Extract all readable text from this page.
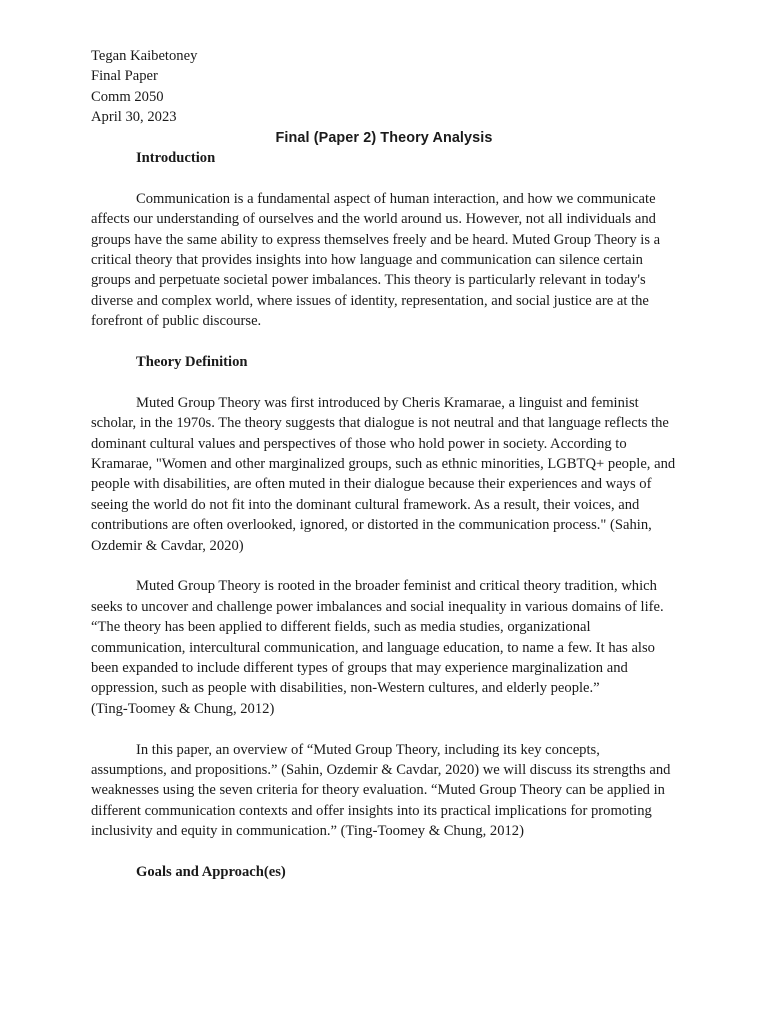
Tegan Kaibetoney
Final Paper
Comm 2050
April 30, 2023
Final (Paper 2) Theory Analysis
Introduction

Communication is a fundamental aspect of human interaction, and how we communicate affects our understanding of ourselves and the world around us. However, not all individuals and groups have the same ability to express themselves freely and be heard. Muted Group Theory is a critical theory that provides insights into how language and communication can silence certain groups and perpetuate societal power imbalances. This theory is particularly relevant in today's diverse and complex world, where issues of identity, representation, and social justice are at the forefront of public discourse.

Theory Definition

Muted Group Theory was first introduced by Cheris Kramarae, a linguist and feminist scholar, in the 1970s. The theory suggests that dialogue is not neutral and that language reflects the dominant cultural values and perspectives of those who hold power in society. According to Kramarae, "Women and other marginalized groups, such as ethnic minorities, LGBTQ+ people, and people with disabilities, are often muted in their dialogue because their experiences and ways of seeing the world do not fit into the dominant cultural framework. As a result, their voices, and contributions are often overlooked, ignored, or distorted in the communication process." (Sahin, Ozdemir & Cavdar, 2020)

Muted Group Theory is rooted in the broader feminist and critical theory tradition, which seeks to uncover and challenge power imbalances and social inequality in various domains of life. “The theory has been applied to different fields, such as media studies, organizational communication, intercultural communication, and language education, to name a few. It has also been expanded to include different types of groups that may experience marginalization and oppression, such as people with disabilities, non-Western cultures, and elderly people.”

(Ting-Toomey & Chung, 2012)

In this paper, an overview of “Muted Group Theory, including its key concepts, assumptions, and propositions.” (Sahin, Ozdemir & Cavdar, 2020) we will discuss its strengths and weaknesses using the seven criteria for theory evaluation. “Muted Group Theory can be applied in different communication contexts and offer insights into its practical implications for promoting inclusivity and equity in communication.” (Ting-Toomey & Chung, 2012)

Goals and Approach(es)
